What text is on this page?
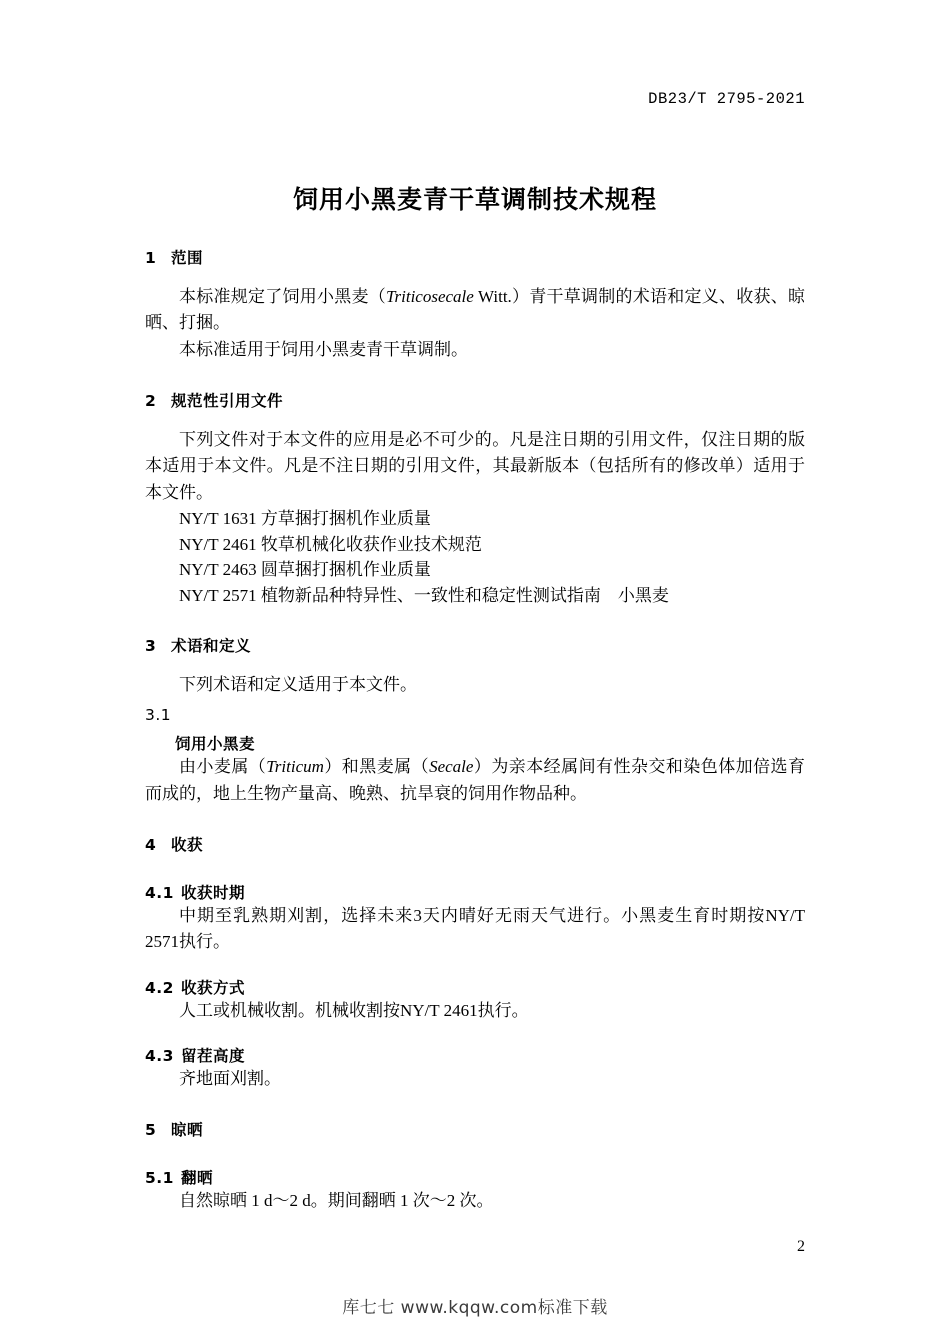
DB23/T 2795-2021
饲用小黑麦青干草调制技术规程

1 范围

本标准规定了饲用小黑麦（Triticosecale Witt.）青干草调制的术语和定义、收获、晾晒、打捆。

本标准适用于饲用小黑麦青干草调制。

2 规范性引用文件

下列文件对于本文件的应用是必不可少的。凡是注日期的引用文件，仅注日期的版本适用于本文件。凡是不注日期的引用文件，其最新版本（包括所有的修改单）适用于本文件。

NY/T 1631 方草捆打捆机作业质量

NY/T 2461 牧草机械化收获作业技术规范

NY/T 2463 圆草捆打捆机作业质量

NY/T 2571 植物新品种特异性、一致性和稳定性测试指南　小黑麦

3 术语和定义

下列术语和定义适用于本文件。

3.1

饲用小黑麦

由小麦属（Triticum）和黑麦属（Secale）为亲本经属间有性杂交和染色体加倍选育而成的，地上生物产量高、晚熟、抗旱衰的饲用作物品种。

4 收获

4.1 收获时期

中期至乳熟期刈割，选择未来3天内晴好无雨天气进行。小黑麦生育时期按NY/T 2571执行。

4.2 收获方式

人工或机械收割。机械收割按NY/T 2461执行。

4.3 留茬高度

齐地面刈割。

5 晾晒

5.1 翻晒

自然晾晒 1 d～2 d。期间翻晒 1 次～2 次。

2
库七七 www.kqqw.com标准下载
